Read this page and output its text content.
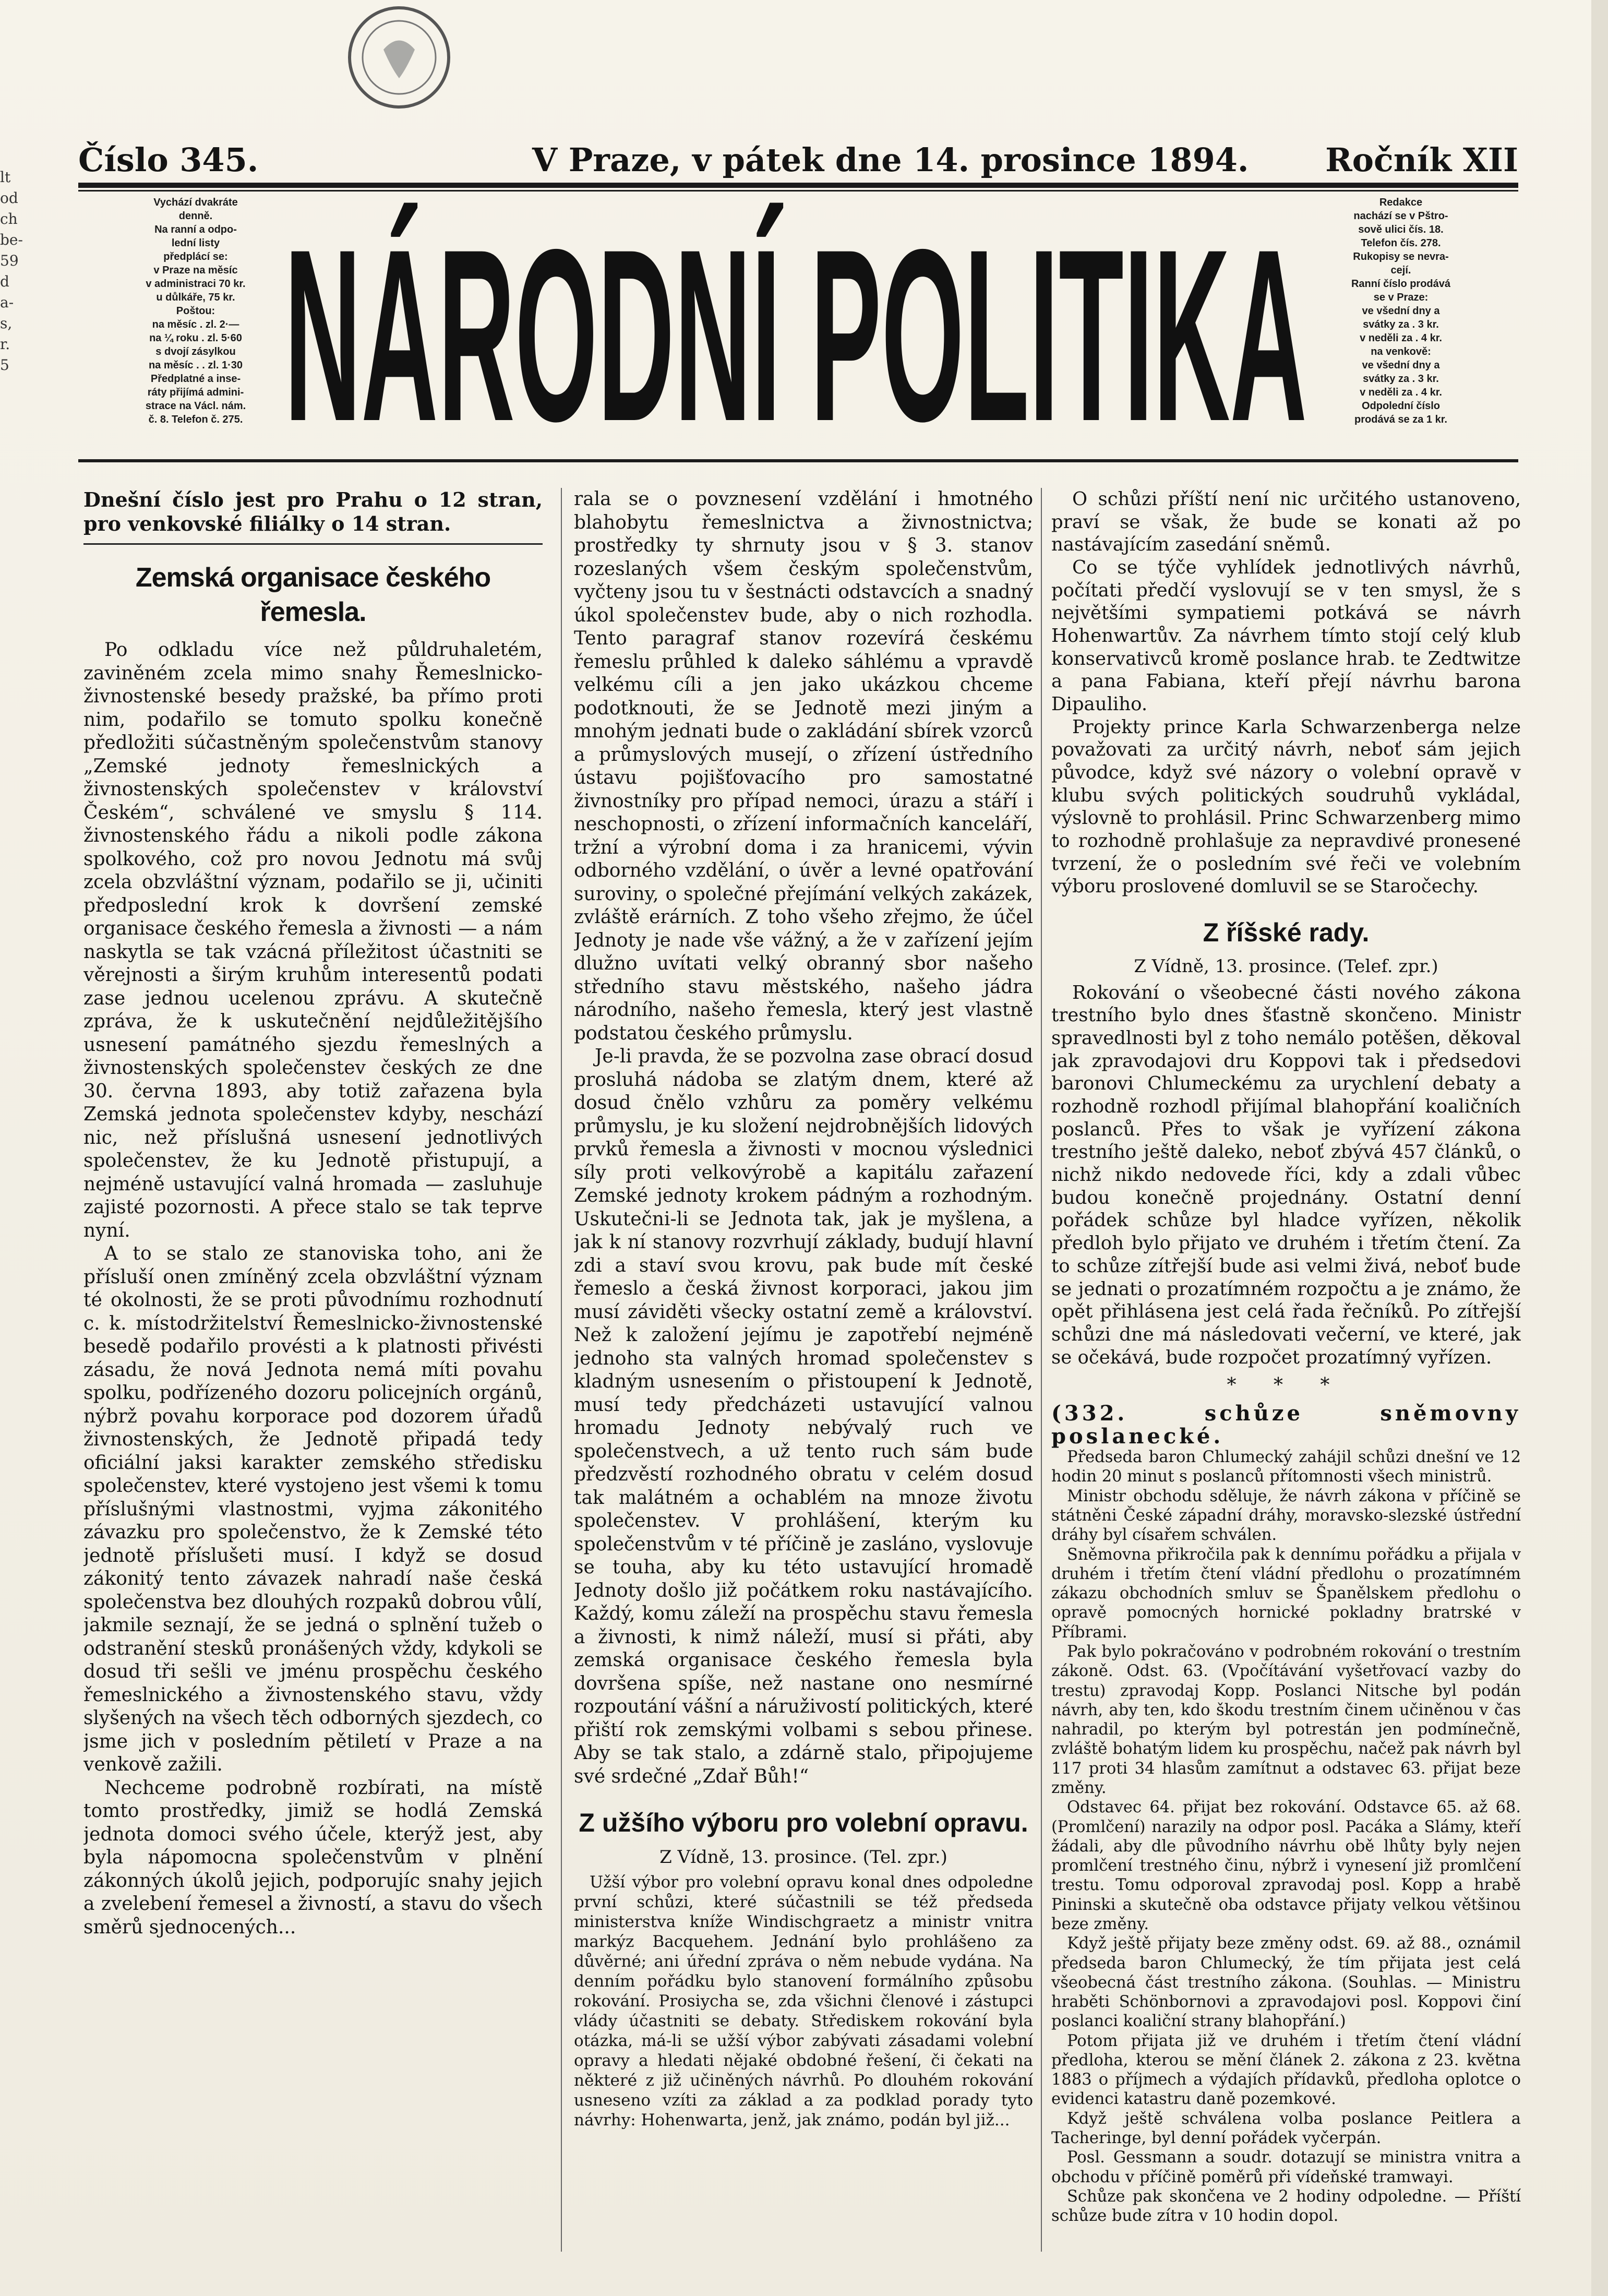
lt
od
ch
be-
59
d
a-
s,
r.
5
Číslo 345.	V Praze, v pátek dne 14. prosince 1894. Ročník XII
Vychází dvakráte
denně.
Na ranní a odpo-
lední listy
předplácí se:
v Praze na měsíc
v administraci 70 kr.
u důlkáře, 75 kr.
Poštou:
na měsíc . zl. 2·—
na ¼ roku . zl. 5·60
s dvojí zásylkou
na měsíc . . zl. 1·30
Předplatné a inse-
ráty přijímá admini-
strace na Václ. nám.
č. 8. Telefon č. 275. NÁRODNÍ POLITIKA	Redakce
nachází se v Pštro-
sově ulici čís. 18.
Telefon čís. 278.
Rukopisy se nevra-
cejí.
Ranní číslo prodává
se v Praze:
ve všední dny a
svátky za . 3 kr.
v neděli za . 4 kr.
na venkově:
ve všední dny a
svátky za . 3 kr.
v neděli za . 4 kr.
Odpolední číslo
prodává se za 1 kr.

Dnešní číslo jest pro Prahu o 12 stran, pro venkovské filiálky o 14 stran.

Zemská organisace českého řemesla.

Po odkladu více než půldruhaletém, zaviněném zcela mimo snahy Řemeslnicko-živnostenské besedy pražské, ba přímo proti nim, podařilo se tomuto spolku konečně předložiti súčastněným společenstvům stanovy „Zemské jednoty řemeslnických a živnostenských společenstev v království Českém“, schválené ve smyslu § 114. živnostenského řádu a nikoli podle zákona spolkového, což pro novou Jednotu má svůj zcela obzvláštní význam, podařilo se ji, učiniti předposlední krok k dovršení zemské organisace českého řemesla a živnosti — a nám naskytla se tak vzácná příležitost účastniti se věrejnosti a širým kruhům interesentů podati zase jednou ucelenou zprávu. A skutečně zpráva, že k uskutečnění nejdůležitějšího usnesení památného sjezdu řemeslných a živnostenských společenstev českých ze dne 30. června 1893, aby totiž zařazena byla Zemská jednota společenstev kdyby, neschází nic, než příslušná usnesení jednotlivých společenstev, že ku Jednotě přistupují, a nejméně ustavující valná hromada — zasluhuje zajisté pozornosti. A přece stalo se tak teprve nyní.

A to se stalo ze stanoviska toho, ani že přísluší onen zmíněný zcela obzvláštní význam té okolnosti, že se proti původnímu rozhodnutí c. k. místodržitelství Řemeslnicko-živnostenské besedě podařilo provésti a k platnosti přivésti zásadu, že nová Jednota nemá míti povahu spolku, podřízeného dozoru policejních orgánů, nýbrž povahu korporace pod dozorem úřadů živnostenských, že Jednotě připadá tedy oficiální jaksi karakter zemského středisku společenstev, které vystojeno jest všemi k tomu příslušnými vlastnostmi, vyjma zákonitého závazku pro společenstvo, že k Zemské této jednotě příslušeti musí. I když se dosud zákonitý tento závazek nahradí naše česká společenstva bez dlouhých rozpaků dobrou vůlí, jakmile seznají, že se jedná o splnění tužeb o odstranění stesků pronášených vždy, kdykoli se dosud tři sešli ve jménu prospěchu českého řemeslnického a živnostenského stavu, vždy slyšených na všech těch odborných sjezdech, co jsme jich v posledním pětiletí v Praze a na venkově zažili.

Nechceme podrobně rozbírati, na místě tomto prostředky, jimiž se hodlá Zemská jednota domoci svého účele, kterýž jest, aby byla nápomocna společenstvům v plnění zákonných úkolů jejich, podporujíc snahy jejich a zvelebení řemesel a živností, a stavu do všech směrů sjednocených...

rala se o povznesení vzdělání i hmotného blahobytu řemeslnictva a živnostnictva; prostředky ty shrnuty jsou v § 3. stanov rozeslaných všem českým společenstvům, vyčteny jsou tu v šestnácti odstavcích a snadný úkol společenstev bude, aby o nich rozhodla. Tento paragraf stanov rozevírá českému řemeslu průhled k daleko sáhlému a vpravdě velkému cíli a jen jako ukázkou chceme podotknouti, že se Jednotě mezi jiným a mnohým jednati bude o zakládání sbírek vzorců a průmyslových musejí, o zřízení ústředního ústavu pojišťovacího pro samostatné živnostníky pro případ nemoci, úrazu a stáří i neschopnosti, o zřízení informačních kanceláří, tržní a výrobní doma i za hranicemi, vývin odborného vzdělání, o úvěr a levné opatřování suroviny, o společné přejímání velkých zakázek, zvláště erárních. Z toho všeho zřejmo, že účel Jednoty je nade vše vážný, a že v zařízení jejím dlužno uvítati velký obranný sbor našeho středního stavu městského, našeho jádra národního, našeho řemesla, který jest vlastně podstatou českého průmyslu.

Je-li pravda, že se pozvolna zase obrací dosud prosluhá nádoba se zlatým dnem, které až dosud čnělo vzhůru za poměry velkému průmyslu, je ku složení nejdrobnějších lidových prvků řemesla a živnosti v mocnou výslednici síly proti velkovýrobě a kapitálu zařazení Zemské jednoty krokem pádným a rozhodným. Uskutečni-li se Jednota tak, jak je myšlena, a jak k ní stanovy rozvrhují základy, budují hlavní zdi a staví svou krovu, pak bude mít české řemeslo a česká živnost korporaci, jakou jim musí záviděti všecky ostatní země a království. Než k založení jejímu je zapotřebí nejméně jednoho sta valných hromad společenstev s kladným usnesením o přistoupení k Jednotě, musí tedy předcházeti ustavující valnou hromadu Jednoty nebývalý ruch ve společenstvech, a už tento ruch sám bude předzvěstí rozhodného obratu v celém dosud tak malátném a ochablém na mnoze životu společenstev. V prohlášení, kterým ku společenstvům v té příčině je zasláno, vyslovuje se touha, aby ku této ustavující hromadě Jednoty došlo již počátkem roku nastávajícího. Každý, komu záleží na prospěchu stavu řemesla a živnosti, k nimž náleží, musí si přáti, aby zemská organisace českého řemesla byla dovršena spíše, než nastane ono nesmírné rozpoutání vášní a náruživostí politických, které přiští rok zemskými volbami s sebou přinese. Aby se tak stalo, a zdárně stalo, připojujeme své srdečné „Zdař Bůh!“

Z užšího výboru pro volební opravu.

Z Vídně, 13. prosince. (Tel. zpr.)

Užší výbor pro volební opravu konal dnes odpoledne první schůzi, které súčastnili se též předseda ministerstva kníže Windischgraetz a ministr vnitra markýz Bacquehem. Jednání bylo prohlášeno za důvěrné; ani úřední zpráva o něm nebude vydána. Na denním pořádku bylo stanovení formálního způsobu rokování. Prosiycha se, zda všichni členové i zástupci vlády účastniti se debaty. Střediskem rokování byla otázka, má-li se užší výbor zabývati zásadami volební opravy a hledati nějaké obdobné řešení, či čekati na některé z již učiněných návrhů. Po dlouhém rokování usneseno vzíti za základ a za podklad porady tyto návrhy: Hohenwarta, jenž, jak známo, podán byl již...

O schůzi příští není nic určitého ustanoveno, praví se však, že bude se konati až po nastávajícím zasedání sněmů.

Co se týče vyhlídek jednotlivých návrhů, počítati předčí vyslovují se v ten smysl, že s největšími sympatiemi potkává se návrh Hohenwartův. Za návrhem tímto stojí celý klub konservativců kromě poslance hrab. te Zedtwitze a pana Fabiana, kteří přejí návrhu barona Dipauliho.

Projekty prince Karla Schwarzenberga nelze považovati za určitý návrh, neboť sám jejich původce, když své názory o volební opravě v klubu svých politických soudruhů vykládal, výslovně to prohlásil. Princ Schwarzenberg mimo to rozhodně prohlašuje za nepravdivé pronesené tvrzení, že o posledním své řeči ve volebním výboru proslovené domluvil se se Staročechy.

Z říšské rady.

Z Vídně, 13. prosince. (Telef. zpr.)

Rokování o všeobecné části nového zákona trestního bylo dnes šťastně skončeno. Ministr spravedlnosti byl z toho nemálo potěšen, děkoval jak zpravodajovi dru Koppovi tak i předsedovi baronovi Chlumeckému za urychlení debaty a rozhodně rozhodl přijímal blahopřání koaličních poslanců. Přes to však je vyřízení zákona trestního ještě daleko, neboť zbývá 457 článků, o nichž nikdo nedovede říci, kdy a zdali vůbec budou konečně projednány. Ostatní denní pořádek schůze byl hladce vyřízen, několik předloh bylo přijato ve druhém i třetím čtení. Za to schůze zítřejší bude asi velmi živá, neboť bude se jednati o prozatímném rozpočtu a je známo, že opět přihlásena jest celá řada řečníků. Po zítřejší schůzi dne má následovati večerní, ve které, jak se očekává, bude rozpočet prozatímný vyřízen.

* * *

(332. schůze sněmovny poslanecké.

Předseda baron Chlumecký zahájil schůzi dnešní ve 12 hodin 20 minut s poslanců přítomnosti všech ministrů.

Ministr obchodu sděluje, že návrh zákona v příčině se státněni České západní dráhy, moravsko-slezské ústřední dráhy byl císařem schválen.

Sněmovna přikročila pak k dennímu pořádku a přijala v druhém i třetím čtení vládní předlohu o prozatímném zákazu obchodních smluv se Španělskem předlohu o opravě pomocných hornické pokladny bratrské v Příbrami.

Pak bylo pokračováno v podrobném rokování o trestním zákoně. Odst. 63. (Vpočítávání vyšetřovací vazby do trestu) zpravodaj Kopp. Poslanci Nitsche byl podán návrh, aby ten, kdo škodu trestním činem učiněnou v čas nahradil, po kterým byl potrestán jen podmínečně, zvláště bohatým lidem ku prospěchu, načež pak návrh byl 117 proti 34 hlasům zamítnut a odstavec 63. přijat beze změny.

Odstavec 64. přijat bez rokování. Odstavce 65. až 68. (Promlčení) narazily na odpor posl. Pacáka a Slámy, kteří žádali, aby dle původního návrhu obě lhůty byly nejen promlčení trestného činu, nýbrž i vynesení již promlčení trestu. Tomu odporoval zpravodaj posl. Kopp a hrabě Pininski a skutečně oba odstavce přijaty velkou většinou beze změny.

Když ještě přijaty beze změny odst. 69. až 88., oznámil předseda baron Chlumecký, že tím přijata jest celá všeobecná část trestního zákona. (Souhlas. — Ministru hraběti Schönbornovi a zpravodajovi posl. Koppovi činí poslanci koaliční strany blahopřání.)

Potom přijata již ve druhém i třetím čtení vládní předloha, kterou se mění článek 2. zákona z 23. května 1883 o příjmech a výdajích přídavků, předloha oplotce o evidenci katastru daně pozemkové.

Když ještě schválena volba poslance Peitlera a Tacheringe, byl denní pořádek vyčerpán.

Posl. Gessmann a soudr. dotazují se ministra vnitra a obchodu v příčině poměrů při vídeňské tramwayi.

Schůze pak skončena ve 2 hodiny odpoledne. — Příští schůze bude zítra v 10 hodin dopol.
